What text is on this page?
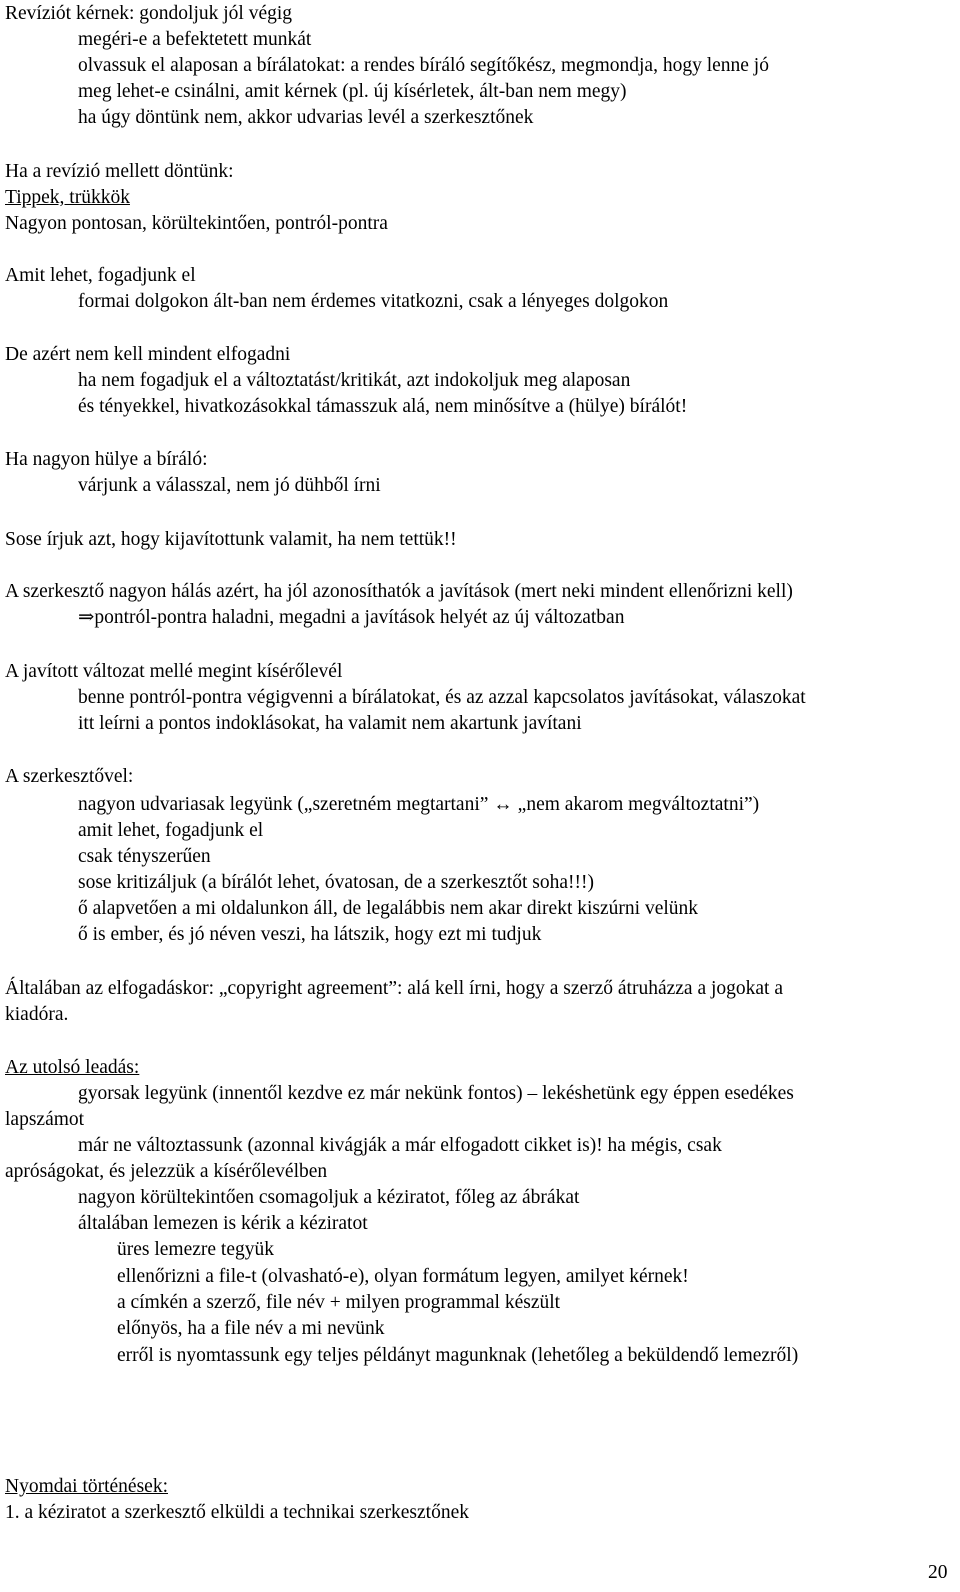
Revíziót kérnek: gondoljuk jól végig
megéri-e a befektetett munkát
olvassuk el alaposan a bírálatokat: a rendes bíráló segítőkész, megmondja, hogy lenne jó
meg lehet-e csinálni, amit kérnek (pl. új kísérletek, ált-ban nem megy)
ha úgy döntünk nem, akkor udvarias levél a szerkesztőnek
Ha a revízió mellett döntünk:
Tippek, trükkök
Nagyon pontosan, körültekintően, pontról-pontra
Amit lehet, fogadjunk el
formai dolgokon ált-ban nem érdemes vitatkozni, csak a lényeges dolgokon
De azért nem kell mindent elfogadni
ha nem fogadjuk el a változtatást/kritikát, azt indokoljuk meg alaposan
és tényekkel, hivatkozásokkal támasszuk alá, nem minősítve a (hülye) bírálót!
Ha nagyon hülye a bíráló:
várjunk a válasszal, nem jó dühből írni
Sose írjuk azt, hogy kijavítottunk valamit, ha nem tettük!!
A szerkesztő nagyon hálás azért, ha jól azonosíthatók a javítások (mert neki mindent ellenőrizni kell)
⇒pontról-pontra haladni, megadni a javítások helyét az új változatban
A javított változat mellé megint kísérőlevél
benne pontról-pontra végigvenni a bírálatokat, és az azzal kapcsolatos javításokat, válaszokat
itt leírni a pontos indoklásokat, ha valamit nem akartunk javítani
A szerkesztővel:
nagyon udvariasak legyünk („szeretném megtartani” ↔ „nem akarom megváltoztatni”)
amit lehet, fogadjunk el
csak tényszerűen
sose kritizáljuk (a bírálót lehet, óvatosan, de a szerkesztőt soha!!!)
ő alapvetően a mi oldalunkon áll, de legalábbis nem akar direkt kiszúrni velünk
ő is ember, és jó néven veszi, ha látszik, hogy ezt mi tudjuk
Általában az elfogadáskor: „copyright agreement”: alá kell írni, hogy a szerző átruházza a jogokat a
kiadóra.
Az utolsó leadás:
gyorsak legyünk (innentől kezdve ez már nekünk fontos) – lekéshetünk egy éppen esedékes
lapszámot
már ne változtassunk (azonnal kivágják a már elfogadott cikket is)! ha mégis, csak
apróságokat, és jelezzük a kísérőlevélben
nagyon körültekintően csomagoljuk a kéziratot, főleg az ábrákat
általában lemezen is kérik a kéziratot
üres lemezre tegyük
ellenőrizni a file-t (olvasható-e), olyan formátum legyen, amilyet kérnek!
a címkén a szerző, file név + milyen programmal készült
előnyös, ha a file név a mi nevünk
erről is nyomtassunk egy teljes példányt magunknak (lehetőleg a beküldendő lemezről)
Nyomdai történések:
1. a kéziratot a szerkesztő elküldi a technikai szerkesztőnek
20
